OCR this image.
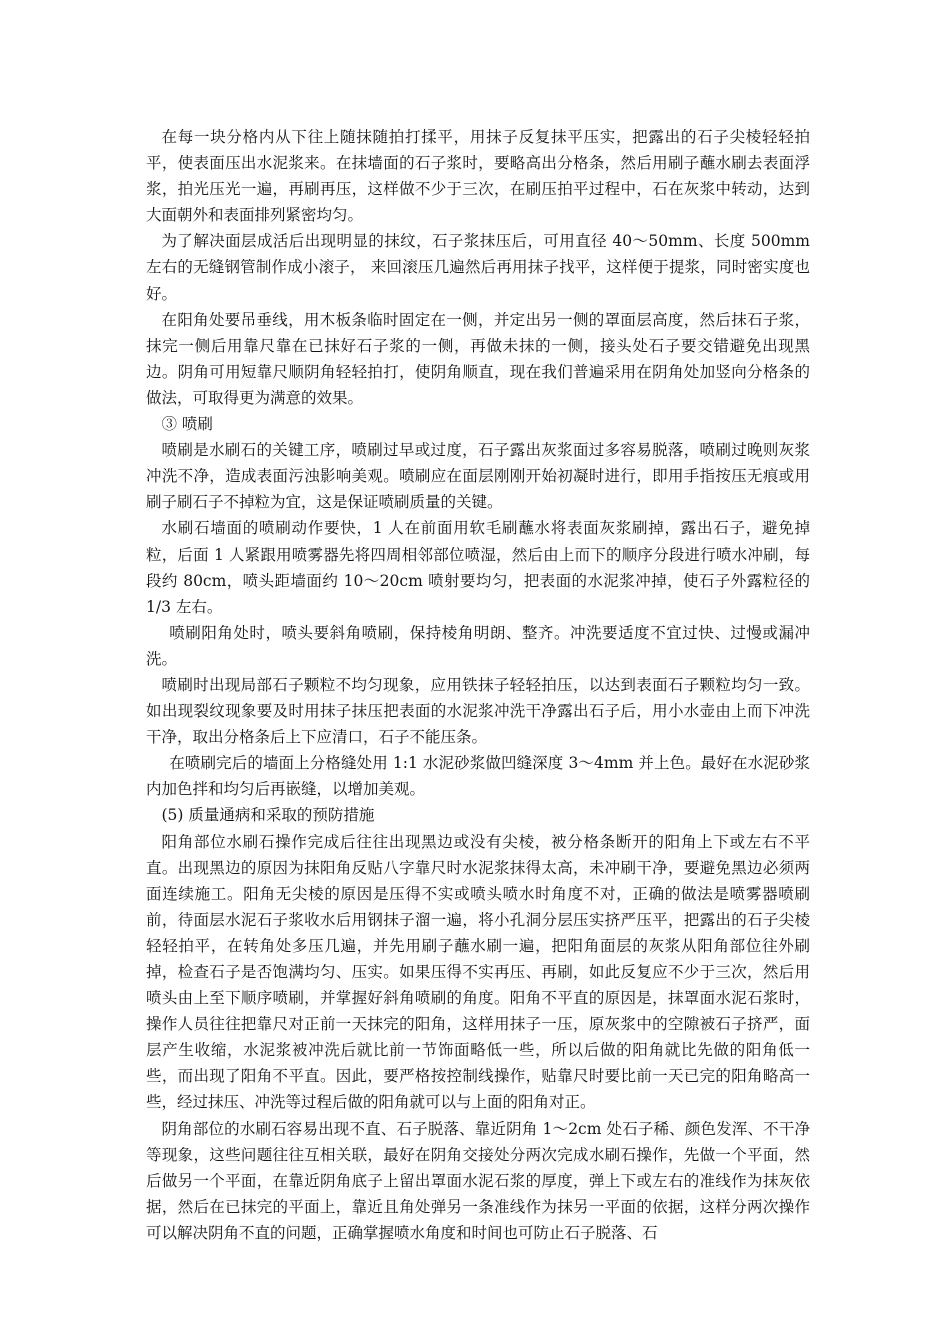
在每一块分格内从下往上随抹随拍打揉平，用抹子反复抹平压实，把露出的石子尖棱轻轻拍平，使表面压出水泥浆来。在抹墙面的石子浆时，要略高出分格条，然后用刷子蘸水刷去表面浮浆，拍光压光一遍，再刷再压，这样做不少于三次，在刷压拍平过程中，石在灰浆中转动，达到大面朝外和表面排列紧密均匀。

为了解决面层成活后出现明显的抹纹，石子浆抹压后，可用直径 40～50mm、长度 500mm 左右的无缝钢管制作成小滚子， 来回滚压几遍然后再用抹子找平，这样便于提浆，同时密实度也好。

在阳角处要吊垂线，用木板条临时固定在一侧，并定出另一侧的罩面层高度，然后抹石子浆，抹完一侧后用靠尺靠在已抹好石子浆的一侧，再做未抹的一侧，接头处石子要交错避免出现黑边。阴角可用短靠尺顺阴角轻轻拍打，使阴角顺直，现在我们普遍采用在阴角处加竖向分格条的做法，可取得更为满意的效果。

③ 喷刷

喷刷是水刷石的关键工序，喷刷过早或过度，石子露出灰浆面过多容易脱落，喷刷过晚则灰浆冲洗不净，造成表面污浊影响美观。喷刷应在面层刚刚开始初凝时进行，即用手指按压无痕或用刷子刷石子不掉粒为宜，这是保证喷刷质量的关键。

水刷石墙面的喷刷动作要快，1 人在前面用软毛刷蘸水将表面灰浆刷掉，露出石子，避免掉粒，后面 1 人紧跟用喷雾器先将四周相邻部位喷湿，然后由上而下的顺序分段进行喷水冲刷，每段约 80cm，喷头距墙面约 10～20cm 喷射要均匀，把表面的水泥浆冲掉，使石子外露粒径的 1/3 左右。

喷刷阳角处时，喷头要斜角喷刷，保持棱角明朗、整齐。冲洗要适度不宜过快、过慢或漏冲洗。

喷刷时出现局部石子颗粒不均匀现象，应用铁抹子轻轻拍压，以达到表面石子颗粒均匀一致。如出现裂纹现象要及时用抹子抹压把表面的水泥浆冲洗干净露出石子后，用小水壶由上而下冲洗干净，取出分格条后上下应清口，石子不能压条。

在喷刷完后的墙面上分格缝处用 1:1 水泥砂浆做凹缝深度 3～4mm 并上色。最好在水泥砂浆内加色拌和均匀后再嵌缝，以增加美观。

(5) 质量通病和采取的预防措施

阳角部位水刷石操作完成后往往出现黑边或没有尖棱，被分格条断开的阳角上下或左右不平直。出现黑边的原因为抹阳角反贴八字靠尺时水泥浆抹得太高，未冲刷干净，要避免黑边必须两面连续施工。阳角无尖棱的原因是压得不实或喷头喷水时角度不对，正确的做法是喷雾器喷刷前，待面层水泥石子浆收水后用钢抹子溜一遍，将小孔洞分层压实挤严压平，把露出的石子尖棱轻轻拍平，在转角处多压几遍，并先用刷子蘸水刷一遍，把阳角面层的灰浆从阳角部位往外刷掉，检查石子是否饱满均匀、压实。如果压得不实再压、再刷，如此反复应不少于三次，然后用喷头由上至下顺序喷刷，并掌握好斜角喷刷的角度。阳角不平直的原因是，抹罩面水泥石浆时，操作人员往往把靠尺对正前一天抹完的阳角，这样用抹子一压，原灰浆中的空隙被石子挤严，面层产生收缩，水泥浆被冲洗后就比前一节饰面略低一些，所以后做的阳角就比先做的阳角低一些，而出现了阳角不平直。因此，要严格按控制线操作，贴靠尺时要比前一天已完的阳角略高一些，经过抹压、冲洗等过程后做的阳角就可以与上面的阳角对正。

阴角部位的水刷石容易出现不直、石子脱落、靠近阴角 1～2cm 处石子稀、颜色发浑、不干净等现象，这些问题往往互相关联，最好在阴角交接处分两次完成水刷石操作，先做一个平面，然后做另一个平面，在靠近阴角底子上留出罩面水泥石浆的厚度，弹上下或左右的准线作为抹灰依据，然后在已抹完的平面上，靠近且角处弹另一条准线作为抹另一平面的依据，这样分两次操作可以解决阴角不直的问题，正确掌握喷水角度和时间也可防止石子脱落、石
